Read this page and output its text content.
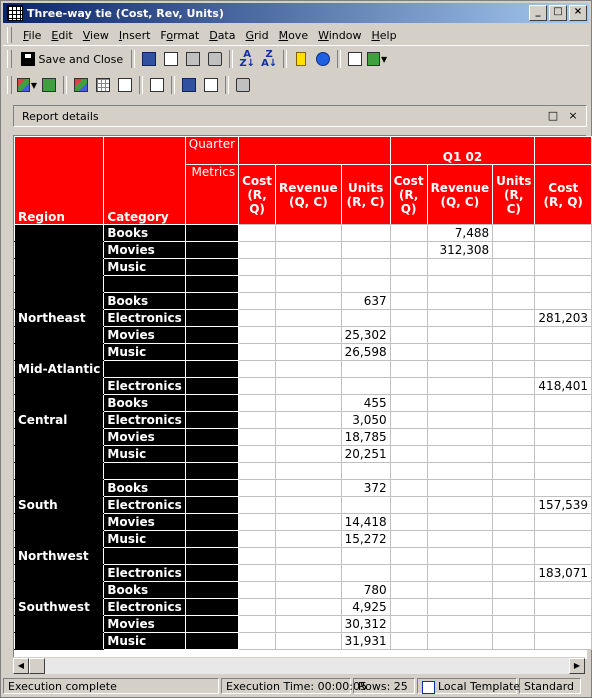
Three-way tie (Cost, Rev, Units)	_	□	×
File Edit View Insert Format Data Grid Move Window Help

Save and Close	A
Z↓
Z
A↓	▼
▼
Report details	□ ×
Region	Category	Quarter				Q1 02			
		Metrics	Cost (R, Q)	Revenue (Q, C)	Units (R, C)	Cost (R, Q)	Revenue (Q, C)	Units (R, C)	Cost (R, Q)

	Books						7,488		
	Movies						312,308		
	Music								

	Books				637				
Northeast	Electronics								281,203
	Movies				25,302				
	Music				26,598				
Mid-Atlantic									
	Electronics								418,401
	Books				455				
Central	Electronics				3,050				
	Movies				18,785				
	Music				20,251				

	Books				372				
South	Electronics								157,539
	Movies				14,418				
	Music				15,272				
Northwest									
	Electronics								183,071
	Books				780				
Southwest	Electronics				4,925				
	Movies				30,312				
	Music				31,931				
◀	▶
Execution complete	Execution Time: 00:00:05
Rows: 25	Local Template Standard
